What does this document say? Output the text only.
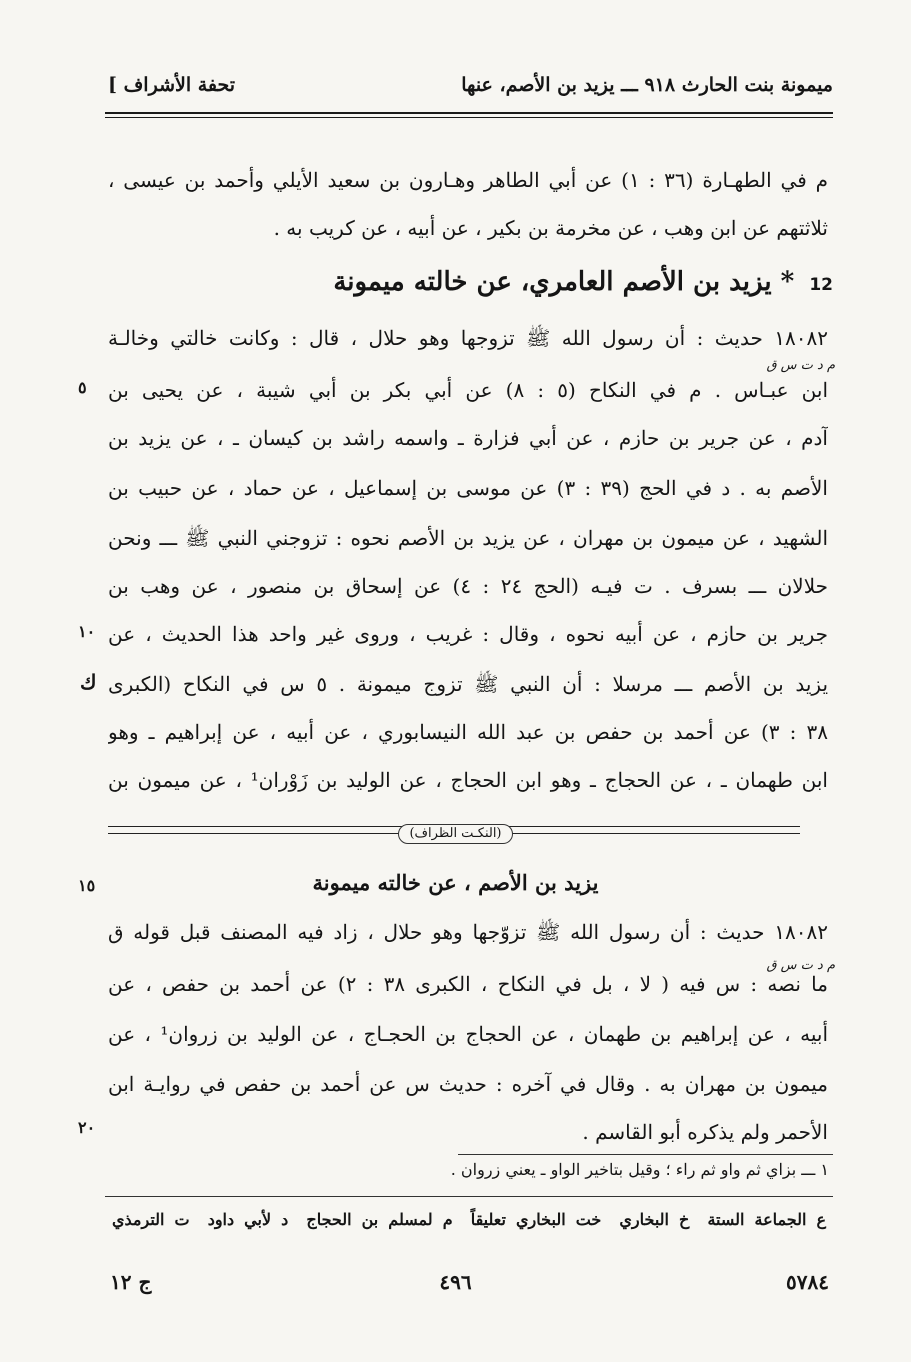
[ تحفة الأشراف	ميمونة بنت الحارث ٩١٨ ـــ يزيد بن الأصم، عنها
م في الطهـارة (٣٦ : ١) عن أبي الطاهر وهـارون بن سعيد الأيلي وأحمد بن عيسى ،
ثلاثتهم عن ابن وهب ، عن مخرمة بن بكير ، عن أبيه ، عن كريب به .
12 * يزيد بن الأصم العامري، عن خالته ميمونة
١٨٠٨٢ حديث : أن رسول الله ﷺ تزوجها وهو حلال ، قال : وكانت خالتي وخالـة
ابن عبـاس . م في النكاح (٥ : ٨) عن أبي بكر بن أبي شيبة ، عن يحيى بن
آدم ، عن جرير بن حازم ، عن أبي فزارة ـ واسمه راشد بن كيسان ـ ، عن يزيد بن
الأصم به . د في الحج (٣٩ : ٣) عن موسى بن إسماعيل ، عن حماد ، عن حبيب بن
الشهيد ، عن ميمون بن مهران ، عن يزيد بن الأصم نحوه : تزوجني النبي ﷺ ـــ ونحن
حلالان ـــ بسرف . ت فيـه (الحج ٢٤ : ٤) عن إسحاق بن منصور ، عن وهب بن
جرير بن حازم ، عن أبيه نحوه ، وقال : غريب ، وروى غير واحد هذا الحديث ، عن
يزيد بن الأصم ـــ مرسلا : أن النبي ﷺ تزوج ميمونة . ٥ س في النكاح (الكبرى
٣٨ : ٣) عن أحمد بن حفص بن عبد الله النيسابوري ، عن أبيه ، عن إبراهيم ـ وهو
ابن طهمان ـ ، عن الحجاج ـ وهو ابن الحجاج ، عن الوليد بن زَوْران¹ ، عن ميمون بن
م د ت س ق
٥
١٠
ك
(النكـت الظراف)
١٥	يزيد بن الأصم ، عن خالته ميمونة
١٨٠٨٢ حديث : أن رسول الله ﷺ تزوّجها وهو حلال ، زاد فيه المصنف قبل قوله ق
ما نصه : س فيه ( لا ، بل في النكاح ، الكبرى ٣٨ : ٢) عن أحمد بن حفص ، عن
أبيه ، عن إبراهيم بن طهمان ، عن الحجاج بن الحجـاج ، عن الوليد بن زروان¹ ، عن
ميمون بن مهران به . وقال في آخره : حديث س عن أحمد بن حفص في روايـة ابن
الأحمر ولم يذكره أبو القاسم .
م د ت س ق
٢٠
١ ـــ بزاي ثم واو ثم راء ؛ وقيل بتاخير الواو ـ يعني زروان .
ع الجماعة الستة خ البخاري خت البخاري تعليقاً م لمسلم بن الحجاج د لأبي داود ت الترمذي
ج ١٢	٤٩٦	٥٧٨٤
